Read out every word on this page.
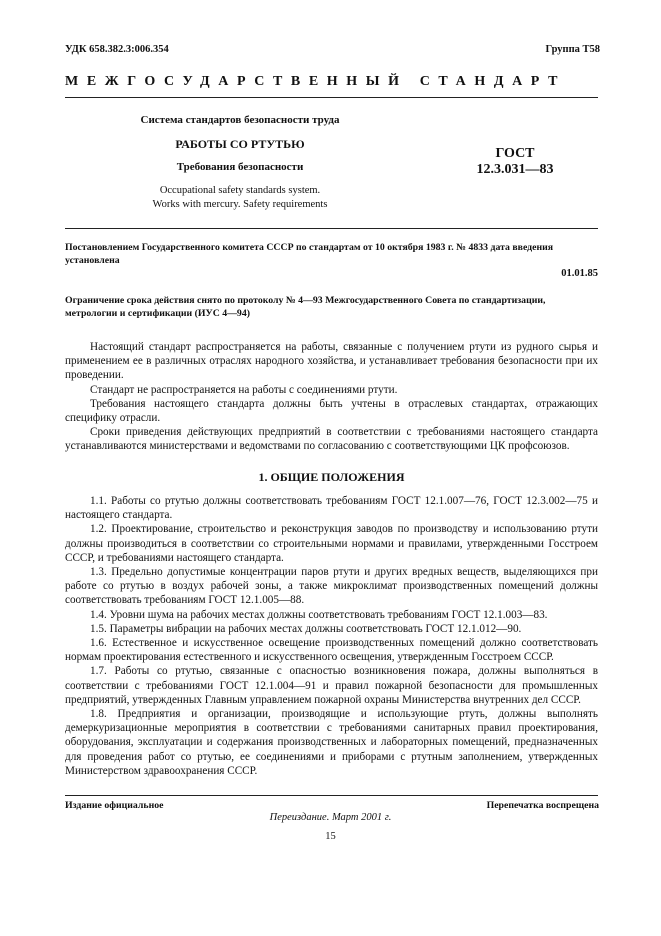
УДК 658.382.3:006.354	Группа Т58
МЕЖГОСУДАРСТВЕННЫЙ СТАНДАРТ
Система стандартов безопасности труда
РАБОТЫ СО РТУТЬЮ
Требования безопасности
Occupational safety standards system.
Works with mercury. Safety requirements
ГОСТ
12.3.031—83
Постановлением Государственного комитета СССР по стандартам от 10 октября 1983 г. № 4833 дата введения установлена
01.01.85
Ограничение срока действия снято по протоколу № 4—93 Межгосударственного Совета по стандартизации, метрологии и сертификации (ИУС 4—94)

Настоящий стандарт распространяется на работы, связанные с получением ртути из рудного сырья и применением ее в различных отраслях народного хозяйства, и устанавливает требования безопасности при их проведении.

Стандарт не распространяется на работы с соединениями ртути.

Требования настоящего стандарта должны быть учтены в отраслевых стандартах, отражающих специфику отрасли.

Сроки приведения действующих предприятий в соответствии с требованиями настоящего стандарта устанавливаются министерствами и ведомствами по согласованию с соответствующими ЦК профсоюзов.

1. ОБЩИЕ ПОЛОЖЕНИЯ

1.1. Работы со ртутью должны соответствовать требованиям ГОСТ 12.1.007—76, ГОСТ 12.3.002—75 и настоящего стандарта.

1.2. Проектирование, строительство и реконструкция заводов по производству и использованию ртути должны производиться в соответствии со строительными нормами и правилами, утвержденными Госстроем СССР, и требованиями настоящего стандарта.

1.3. Предельно допустимые концентрации паров ртути и других вредных веществ, выделяющихся при работе со ртутью в воздух рабочей зоны, а также микроклимат производственных помещений должны соответствовать требованиям ГОСТ 12.1.005—88.

1.4. Уровни шума на рабочих местах должны соответствовать требованиям ГОСТ 12.1.003—83.

1.5. Параметры вибрации на рабочих местах должны соответствовать ГОСТ 12.1.012—90.

1.6. Естественное и искусственное освещение производственных помещений должно соответствовать нормам проектирования естественного и искусственного освещения, утвержденным Госстроем СССР.

1.7. Работы со ртутью, связанные с опасностью возникновения пожара, должны выполняться в соответствии с требованиями ГОСТ 12.1.004—91 и правил пожарной безопасности для промышленных предприятий, утвержденных Главным управлением пожарной охраны Министерства внутренних дел СССР.

1.8. Предприятия и организации, производящие и использующие ртуть, должны выполнять демеркуризационные мероприятия в соответствии с требованиями санитарных правил проектирования, оборудования, эксплуатации и содержания производственных и лабораторных помещений, предназначенных для проведения работ со ртутью, ее соединениями и приборами с ртутным заполнением, утвержденных Министерством здравоохранения СССР.

Издание официальное	Перепечатка воспрещена
Переиздание. Март 2001 г.
15
